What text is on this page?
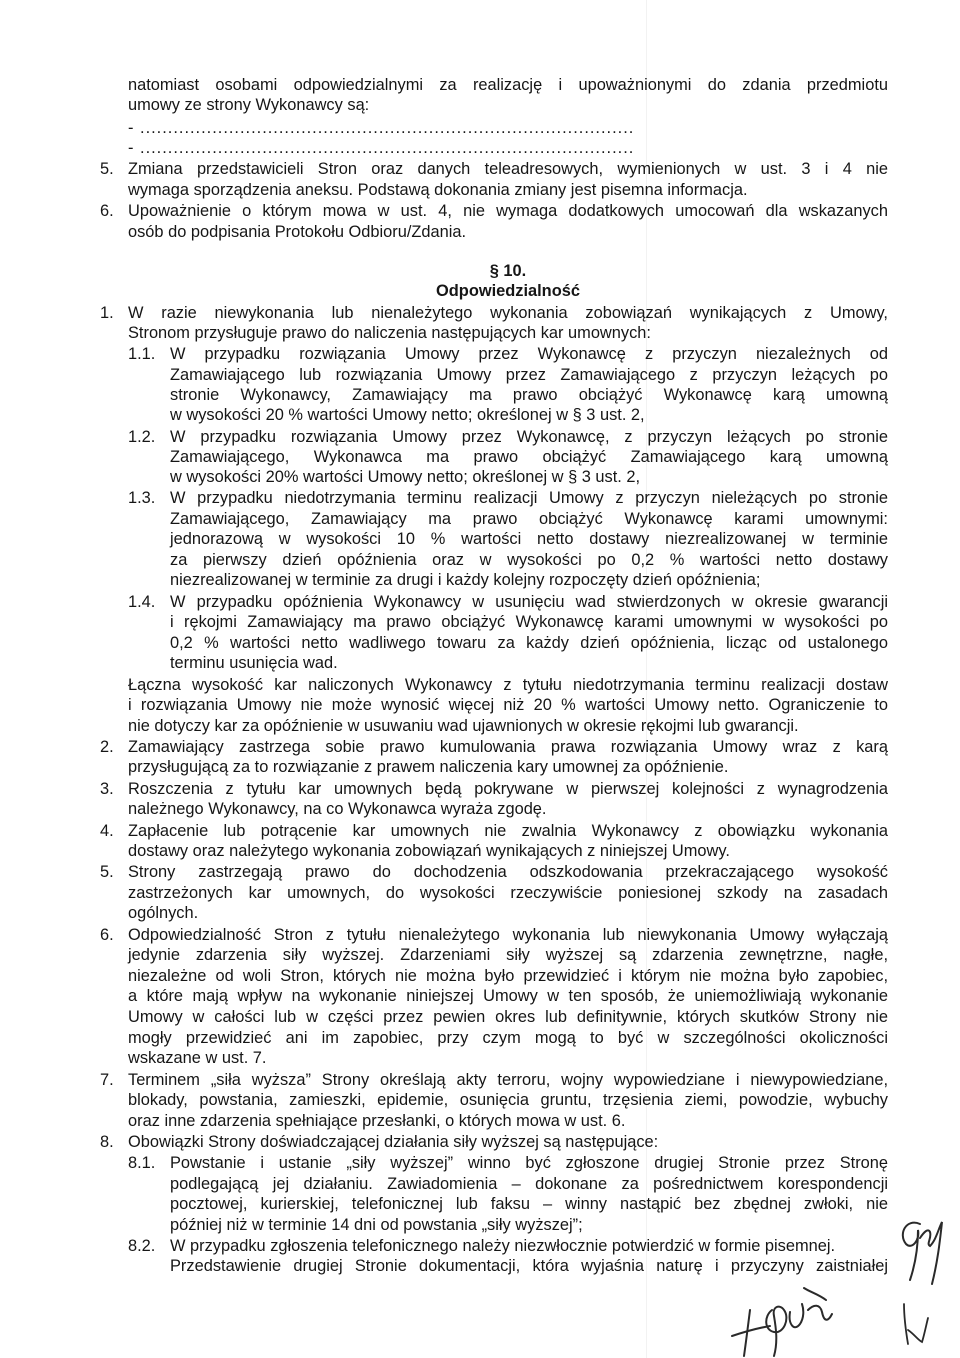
natomiast osobami odpowiedzialnymi za realizację i upoważnionymi do zdania przedmiotu
umowy ze strony Wykonawcy są:
- .........................................................................................
- .........................................................................................
5. Zmiana przedstawicieli Stron oraz danych teleadresowych, wymienionych w ust. 3 i 4 nie
wymaga sporządzenia aneksu. Podstawą dokonania zmiany jest pisemna informacja.
6. Upoważnienie o którym mowa w ust. 4, nie wymaga dodatkowych umocowań dla wskazanych
osób do podpisania Protokołu Odbioru/Zdania.
§ 10.
Odpowiedzialność
1. W razie niewykonania lub nienależytego wykonania zobowiązań wynikających z Umowy,
Stronom przysługuje prawo do naliczenia następujących kar umownych:
1.1. W przypadku rozwiązania Umowy przez Wykonawcę z przyczyn niezależnych od
Zamawiającego lub rozwiązania Umowy przez Zamawiającego z przyczyn leżących po
stronie Wykonawcy, Zamawiający ma prawo obciążyć Wykonawcę karą umowną
w wysokości 20 % wartości Umowy netto; określonej w § 3 ust. 2,
1.2. W przypadku rozwiązania Umowy przez Wykonawcę, z przyczyn leżących po stronie
Zamawiającego, Wykonawca ma prawo obciążyć Zamawiającego karą umowną
w wysokości 20% wartości Umowy netto; określonej w § 3 ust. 2,
1.3. W przypadku niedotrzymania terminu realizacji Umowy z przyczyn nieleżących po stronie
Zamawiającego, Zamawiający ma prawo obciążyć Wykonawcę karami umownymi:
jednorazową w wysokości 10 % wartości netto dostawy niezrealizowanej w terminie
za pierwszy dzień opóźnienia oraz w wysokości po 0,2 % wartości netto dostawy
niezrealizowanej w terminie za drugi i każdy kolejny rozpoczęty dzień opóźnienia;
1.4. W przypadku opóźnienia Wykonawcy w usunięciu wad stwierdzonych w okresie gwarancji
i rękojmi Zamawiający ma prawo obciążyć Wykonawcę karami umownymi w wysokości po
0,2 % wartości netto wadliwego towaru za każdy dzień opóźnienia, licząc od ustalonego
terminu usunięcia wad.
Łączna wysokość kar naliczonych Wykonawcy z tytułu niedotrzymania terminu realizacji dostaw
i rozwiązania Umowy nie może wynosić więcej niż 20 % wartości Umowy netto. Ograniczenie to
nie dotyczy kar za opóźnienie w usuwaniu wad ujawnionych w okresie rękojmi lub gwarancji.
2. Zamawiający zastrzega sobie prawo kumulowania prawa rozwiązania Umowy wraz z karą
przysługującą za to rozwiązanie z prawem naliczenia kary umownej za opóźnienie.
3. Roszczenia z tytułu kar umownych będą pokrywane w pierwszej kolejności z wynagrodzenia
należnego Wykonawcy, na co Wykonawca wyraża zgodę.
4. Zapłacenie lub potrącenie kar umownych nie zwalnia Wykonawcy z obowiązku wykonania
dostawy oraz należytego wykonania zobowiązań wynikających z niniejszej Umowy.
5. Strony zastrzegają prawo do dochodzenia odszkodowania przekraczającego wysokość
zastrzeżonych kar umownych, do wysokości rzeczywiście poniesionej szkody na zasadach
ogólnych.
6. Odpowiedzialność Stron z tytułu nienależytego wykonania lub niewykonania Umowy wyłączają
jedynie zdarzenia siły wyższej. Zdarzeniami siły wyższej są zdarzenia zewnętrzne, nagłe,
niezależne od woli Stron, których nie można było przewidzieć i którym nie można było zapobiec,
a które mają wpływ na wykonanie niniejszej Umowy w ten sposób, że uniemożliwiają wykonanie
Umowy w całości lub w części przez pewien okres lub definitywnie, których skutków Strony nie
mogły przewidzieć ani im zapobiec, przy czym mogą to być w szczególności okoliczności
wskazane w ust. 7.
7. Terminem „siła wyższa” Strony określają akty terroru, wojny wypowiedziane i niewypowiedziane,
blokady, powstania, zamieszki, epidemie, osunięcia gruntu, trzęsienia ziemi, powodzie, wybuchy
oraz inne zdarzenia spełniające przesłanki, o których mowa w ust. 6.
8. Obowiązki Strony doświadczającej działania siły wyższej są następujące:
8.1. Powstanie i ustanie „siły wyższej” winno być zgłoszone drugiej Stronie przez Stronę
podlegającą jej działaniu. Zawiadomienia – dokonane za pośrednictwem korespondencji
pocztowej, kurierskiej, telefonicznej lub faksu – winny nastąpić bez zbędnej zwłoki, nie
później niż w terminie 14 dni od powstania „siły wyższej”;
8.2. W przypadku zgłoszenia telefonicznego należy niezwłocznie potwierdzić w formie pisemnej.
Przedstawienie drugiej Stronie dokumentacji, która wyjaśnia naturę i przyczyny zaistniałej
